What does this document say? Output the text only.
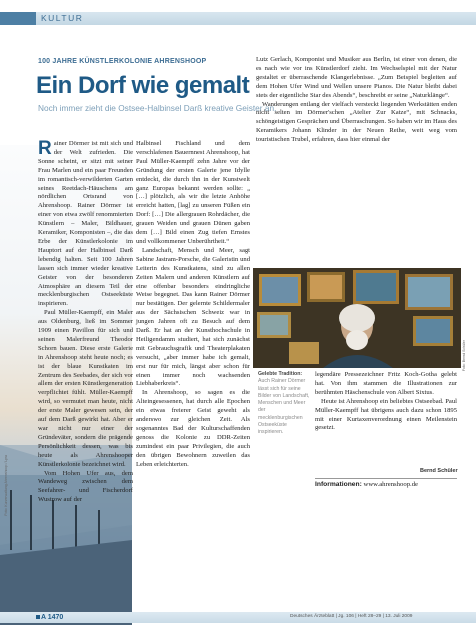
KULTUR
100 JAHRE KÜNSTLERKOLONIE AHRENSHOOP
Ein Dorf wie gemalt
Noch immer zieht die Ostsee-Halbinsel Darß kreative Geister an.
Foto: Kurverwaltung Ahrenshoop / Lyra

Rainer Dörmer ist mit sich und der Welt zufrieden. Die Sonne scheint, er sitzt mit seiner Frau Marlen und ein paar Freunden im romantisch-verwilderten Garten seines Reetdach-Häuschens am nördlichen Ortsrand von Ahrenshoop. Rainer Dörmer ist einer von etwa zwölf renommierten Künstlern – Maler, Bildhauer, Keramiker, Komponisten –, die das Erbe der Künstlerkolonie im Hauptort auf der Halbinsel Darß lebendig halten. Seit 100 Jahren lassen sich immer wieder kreative Geister von der besonderen Atmosphäre an diesem Teil der mecklenburgischen Ostseeküste inspirieren.

Paul Müller-Kaempff, ein Maler aus Oldenburg, ließ im Sommer 1909 einen Pavillon für sich und seinen Malerfreund Theodor Schorn bauen. Diese erste Galerie in Ahrenshoop steht heute noch; es ist der blaue Kunstkaten im Zentrum des Seebades, der sich vor allem der ersten Künstlergeneration verpflichtet fühlt. Müller-Kaempff wird, so vermutet man heute, nicht der erste Maler gewesen sein, der auf dem Darß gewirkt hat. Aber er war nicht nur einer der Gründeväter, sondern die prägende Persönlichkeit dessen, was bis heute als Ahrenshooper Künstlerkolonie bezeichnet wird.

Vom Hohen Ufer aus, dem Wandeweg zwischen dem Seefahrer- und Fischerdorf Wustrow auf der

Halbinsel Fischland und dem verschlafenen Bauernnest Ahrenshoop, hat Paul Müller-Kaempff zehn Jahre vor der Gründung der ersten Galerie jene Idylle entdeckt, die durch ihn in der Kunstwelt ganz Europas bekannt werden sollte: „ […] plötzlich, als wir die letzte Anhöhe erreicht hatten, [lag] zu unseren Füßen ein Dorf: […] Die allergrauen Rohrdächer, die grauen Weiden und grauen Dünen gaben dem […] Bild einen Zug tiefen Ernstes und vollkommener Unberührtheit.“

Landschaft, Mensch und Meer, sagt Sabine Jastram-Porsche, die Galeristin und Leiterin des Kunstkatens, sind zu allen Zeiten Malern und anderen Künstlern auf eine offenbar besonders eindringliche Weise begegnet. Das kann Rainer Dörmer nur bestätigen. Der gelernte Schildermaler aus der Sächsischen Schweiz war in jungen Jahren oft zu Besuch auf dem Darß. Er hat an der Kunsthochschule in Heiligendamm studiert, hat sich zunächst mit Gebrauchsgrafik und Theaterplakaten versucht, „aber immer habe ich gemalt, erst nur für mich, längst aber schon für einen immer noch wachsenden Liebhaberkreis“.

In Ahrenshoop, so sagen es die Alteingesessenen, hat durch alle Epochen ein etwas freierer Geist geweht als anderswo zur gleichen Zeit. Als sogenanntes Bad der Kulturschaffenden genoss die Kolonie zu DDR-Zeiten zumindest ein paar Privilegien, die auch den übrigen Bewohnern zuweilen das Leben erleichterten.

Lutz Gerlach, Komponist und Musiker aus Berlin, ist einer von denen, die es nach wie vor ins Künstlerdorf zieht. Im Wechselspiel mit der Natur gestaltet er überraschende Klangerlebnisse. „Zum Beispiel begleiten auf dem Hohen Ufer Wind und Wellen unsere Pianos. Die Natur bleibt dabei stets der eigentliche Star des Abends“, beschreibt er seine „Naturklänge“.

Wanderungen entlang der vielfach versteckt liegenden Werkstätten enden nicht selten im Dörmer'schen „Atelier Zur Katze“, mit Schnacks, schöngeistigen Gesprächen und Überraschungen. So haben wir im Haus des Keramikers Johann Klinder in der Neuen Reihe, weit weg vom touristischen Trubel, erfahren, dass hier einmal der

Foto: Bernd Schüler
Gelebte Tradition: Auch Rainer Dörmer lässt sich für seine Bilder von Landschaft, Menschen und Meer der mecklenburgischen Ostseeküste inspirieren.

legendäre Pressezeichner Fritz Koch-Gotha gelebt hat. Von ihm stammen die Illustrationen zur berühmten Häschenschule von Albert Sixtus.

Heute ist Ahrenshoop ein beliebtes Ostseebad. Paul Müller-Kaempff hat übrigens auch dazu schon 1895 mit einer Kurtaxenverordnung einen Meilenstein gesetzt.

Bernd Schüler
Informationen: www.ahrenshoop.de
A 1470	Deutsches Ärzteblatt | Jg. 106 | Heft 28–29 | 13. Juli 2009
